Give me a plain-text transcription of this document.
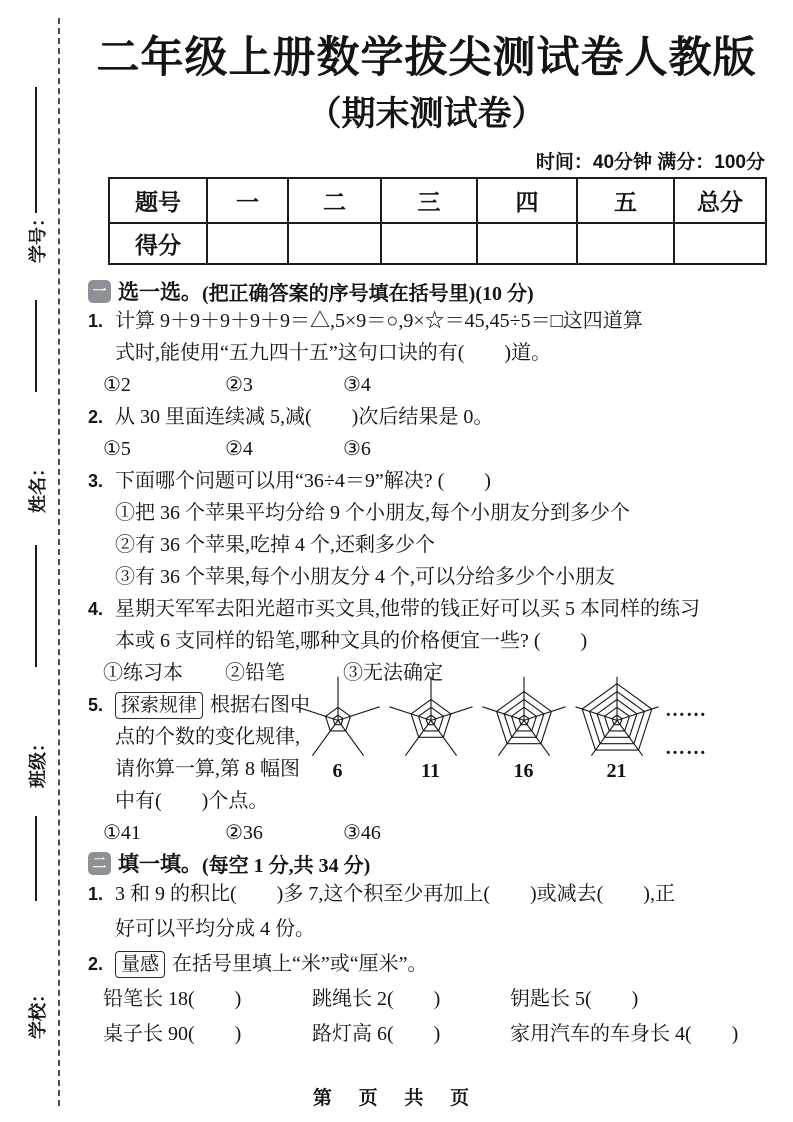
学号：
姓名：
班级：
学校：
二年级上册数学拔尖测试卷人教版
（期末测试卷）
时间：40分钟 满分：100分
题号	一	二	三	四	五	总分
得分						
一 选一选。 (把正确答案的序号填在括号里)(10 分)
1. 计算 9＋9＋9＋9＋9＝△,5×9＝○,9×☆＝45,45÷5＝□这四道算
式时,能使用“五九四十五”这句口诀的有(　　)道。
①2	②3	③4
2. 从 30 里面连续减 5,减(　　)次后结果是 0。
①5	②4	③6
3. 下面哪个问题可以用“36÷4＝9”解决? (　　)
①把 36 个苹果平均分给 9 个小朋友,每个小朋友分到多少个
②有 36 个苹果,吃掉 4 个,还剩多少个
③有 36 个苹果,每个小朋友分 4 个,可以分给多少个小朋友
4. 星期天军军去阳光超市买文具,他带的钱正好可以买 5 本同样的练习
本或 6 支同样的铅笔,哪种文具的价格便宜一些? (　　)
①练习本	②铅笔	③无法确定
5. 探索规律 根据右图中
点的个数的变化规律,
请你算一算,第 8 幅图
中有(　　)个点。
①41	②36	③46
6	11	16	21
……
……
二 填一填。 (每空 1 分,共 34 分)
1. 3 和 9 的积比(　　)多 7,这个积至少再加上(　　)或减去(　　),正
好可以平均分成 4 份。
2. 量感 在括号里填上“米”或“厘米”。
铅笔长 18(　　)	跳绳长 2(　　)	钥匙长 5(　　)
桌子长 90(　　)	路灯高 6(　　)	家用汽车的车身长 4(　　)
第 页 共 页
